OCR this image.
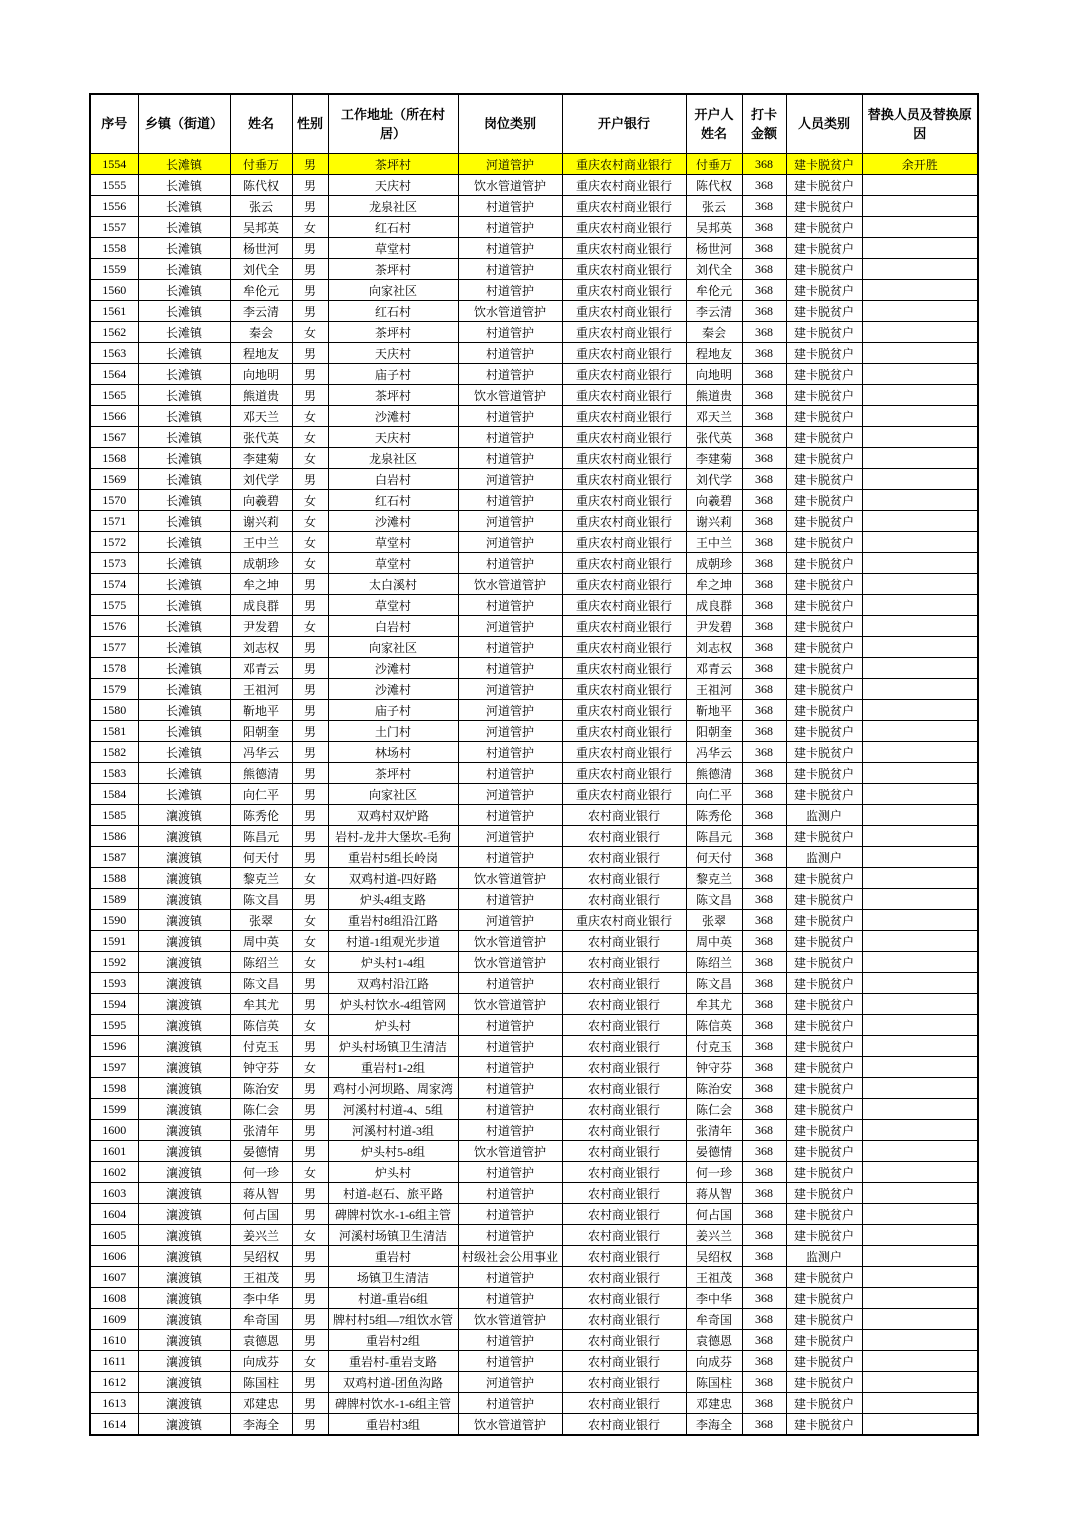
序号	乡镇（街道）	姓名	性别	工作地址（所在村居）	岗位类别	开户银行	开户人姓名	打卡金额	人员类别	替换人员及替换原因
1554	长滩镇	付垂万	男	茶坪村	河道管护	重庆农村商业银行	付垂万	368	建卡脱贫户	余开胜
1555	长滩镇	陈代权	男	天庆村	饮水管道管护	重庆农村商业银行	陈代权	368	建卡脱贫户	
1556	长滩镇	张云	男	龙泉社区	村道管护	重庆农村商业银行	张云	368	建卡脱贫户	
1557	长滩镇	吴邦英	女	红石村	村道管护	重庆农村商业银行	吴邦英	368	建卡脱贫户	
1558	长滩镇	杨世河	男	草堂村	村道管护	重庆农村商业银行	杨世河	368	建卡脱贫户	
1559	长滩镇	刘代全	男	茶坪村	村道管护	重庆农村商业银行	刘代全	368	建卡脱贫户	
1560	长滩镇	牟伦元	男	向家社区	村道管护	重庆农村商业银行	牟伦元	368	建卡脱贫户	
1561	长滩镇	李云清	男	红石村	饮水管道管护	重庆农村商业银行	李云清	368	建卡脱贫户	
1562	长滩镇	秦会	女	茶坪村	村道管护	重庆农村商业银行	秦会	368	建卡脱贫户	
1563	长滩镇	程地友	男	天庆村	村道管护	重庆农村商业银行	程地友	368	建卡脱贫户	
1564	长滩镇	向地明	男	庙子村	村道管护	重庆农村商业银行	向地明	368	建卡脱贫户	
1565	长滩镇	熊道贵	男	茶坪村	饮水管道管护	重庆农村商业银行	熊道贵	368	建卡脱贫户	
1566	长滩镇	邓天兰	女	沙滩村	村道管护	重庆农村商业银行	邓天兰	368	建卡脱贫户	
1567	长滩镇	张代英	女	天庆村	村道管护	重庆农村商业银行	张代英	368	建卡脱贫户	
1568	长滩镇	李建菊	女	龙泉社区	村道管护	重庆农村商业银行	李建菊	368	建卡脱贫户	
1569	长滩镇	刘代学	男	白岩村	河道管护	重庆农村商业银行	刘代学	368	建卡脱贫户	
1570	长滩镇	向羲碧	女	红石村	村道管护	重庆农村商业银行	向羲碧	368	建卡脱贫户	
1571	长滩镇	谢兴莉	女	沙滩村	河道管护	重庆农村商业银行	谢兴莉	368	建卡脱贫户	
1572	长滩镇	王中兰	女	草堂村	河道管护	重庆农村商业银行	王中兰	368	建卡脱贫户	
1573	长滩镇	成朝珍	女	草堂村	村道管护	重庆农村商业银行	成朝珍	368	建卡脱贫户	
1574	长滩镇	牟之坤	男	太白溪村	饮水管道管护	重庆农村商业银行	牟之坤	368	建卡脱贫户	
1575	长滩镇	成良群	男	草堂村	村道管护	重庆农村商业银行	成良群	368	建卡脱贫户	
1576	长滩镇	尹发碧	女	白岩村	河道管护	重庆农村商业银行	尹发碧	368	建卡脱贫户	
1577	长滩镇	刘志权	男	向家社区	村道管护	重庆农村商业银行	刘志权	368	建卡脱贫户	
1578	长滩镇	邓青云	男	沙滩村	村道管护	重庆农村商业银行	邓青云	368	建卡脱贫户	
1579	长滩镇	王祖河	男	沙滩村	河道管护	重庆农村商业银行	王祖河	368	建卡脱贫户	
1580	长滩镇	靳地平	男	庙子村	河道管护	重庆农村商业银行	靳地平	368	建卡脱贫户	
1581	长滩镇	阳朝奎	男	土门村	河道管护	重庆农村商业银行	阳朝奎	368	建卡脱贫户	
1582	长滩镇	冯华云	男	林场村	村道管护	重庆农村商业银行	冯华云	368	建卡脱贫户	
1583	长滩镇	熊德清	男	茶坪村	村道管护	重庆农村商业银行	熊德清	368	建卡脱贫户	
1584	长滩镇	向仁平	男	向家社区	河道管护	重庆农村商业银行	向仁平	368	建卡脱贫户	
1585	瀼渡镇	陈秀伦	男	双鸡村双炉路	村道管护	农村商业银行	陈秀伦	368	监测户	
1586	瀼渡镇	陈昌元	男	岩村-龙井大堡坎-毛狗	河道管护	农村商业银行	陈昌元	368	建卡脱贫户	
1587	瀼渡镇	何天付	男	重岩村5组长岭岗	村道管护	农村商业银行	何天付	368	监测户	
1588	瀼渡镇	黎克兰	女	双鸡村道-四好路	饮水管道管护	农村商业银行	黎克兰	368	建卡脱贫户	
1589	瀼渡镇	陈文昌	男	炉头4组支路	村道管护	农村商业银行	陈文昌	368	建卡脱贫户	
1590	瀼渡镇	张翠	女	重岩村8组沿江路	河道管护	重庆农村商业银行	张翠	368	建卡脱贫户	
1591	瀼渡镇	周中英	女	村道-1组观光步道	饮水管道管护	农村商业银行	周中英	368	建卡脱贫户	
1592	瀼渡镇	陈绍兰	女	炉头村1-4组	饮水管道管护	农村商业银行	陈绍兰	368	建卡脱贫户	
1593	瀼渡镇	陈文昌	男	双鸡村沿江路	村道管护	农村商业银行	陈文昌	368	建卡脱贫户	
1594	瀼渡镇	牟其尤	男	炉头村饮水-4组管网	饮水管道管护	农村商业银行	牟其尤	368	建卡脱贫户	
1595	瀼渡镇	陈信英	女	炉头村	村道管护	农村商业银行	陈信英	368	建卡脱贫户	
1596	瀼渡镇	付克玉	男	炉头村场镇卫生清洁	村道管护	农村商业银行	付克玉	368	建卡脱贫户	
1597	瀼渡镇	钟守芬	女	重岩村1-2组	村道管护	农村商业银行	钟守芬	368	建卡脱贫户	
1598	瀼渡镇	陈治安	男	鸡村小河坝路、周家湾	村道管护	农村商业银行	陈治安	368	建卡脱贫户	
1599	瀼渡镇	陈仁会	男	河溪村村道-4、5组	村道管护	农村商业银行	陈仁会	368	建卡脱贫户	
1600	瀼渡镇	张清年	男	河溪村村道-3组	村道管护	农村商业银行	张清年	368	建卡脱贫户	
1601	瀼渡镇	晏德情	男	炉头村5-8组	饮水管道管护	农村商业银行	晏德情	368	建卡脱贫户	
1602	瀼渡镇	何一珍	女	炉头村	村道管护	农村商业银行	何一珍	368	建卡脱贫户	
1603	瀼渡镇	蒋从智	男	村道-赵石、旅平路	村道管护	农村商业银行	蒋从智	368	建卡脱贫户	
1604	瀼渡镇	何占国	男	碑牌村饮水-1-6组主管	村道管护	农村商业银行	何占国	368	建卡脱贫户	
1605	瀼渡镇	姜兴兰	女	河溪村场镇卫生清洁	村道管护	农村商业银行	姜兴兰	368	建卡脱贫户	
1606	瀼渡镇	吴绍权	男	重岩村	村级社会公用事业	农村商业银行	吴绍权	368	监测户	
1607	瀼渡镇	王祖茂	男	场镇卫生清洁	村道管护	农村商业银行	王祖茂	368	建卡脱贫户	
1608	瀼渡镇	李中华	男	村道-重岩6组	村道管护	农村商业银行	李中华	368	建卡脱贫户	
1609	瀼渡镇	牟奇国	男	牌村村5组—7组饮水管	饮水管道管护	农村商业银行	牟奇国	368	建卡脱贫户	
1610	瀼渡镇	袁德恩	男	重岩村2组	村道管护	农村商业银行	袁德恩	368	建卡脱贫户	
1611	瀼渡镇	向成芬	女	重岩村-重岩支路	村道管护	农村商业银行	向成芬	368	建卡脱贫户	
1612	瀼渡镇	陈国柱	男	双鸡村道-团鱼沟路	河道管护	农村商业银行	陈国柱	368	建卡脱贫户	
1613	瀼渡镇	邓建忠	男	碑牌村饮水-1-6组主管	村道管护	农村商业银行	邓建忠	368	建卡脱贫户	
1614	瀼渡镇	李海全	男	重岩村3组	饮水管道管护	农村商业银行	李海全	368	建卡脱贫户	
